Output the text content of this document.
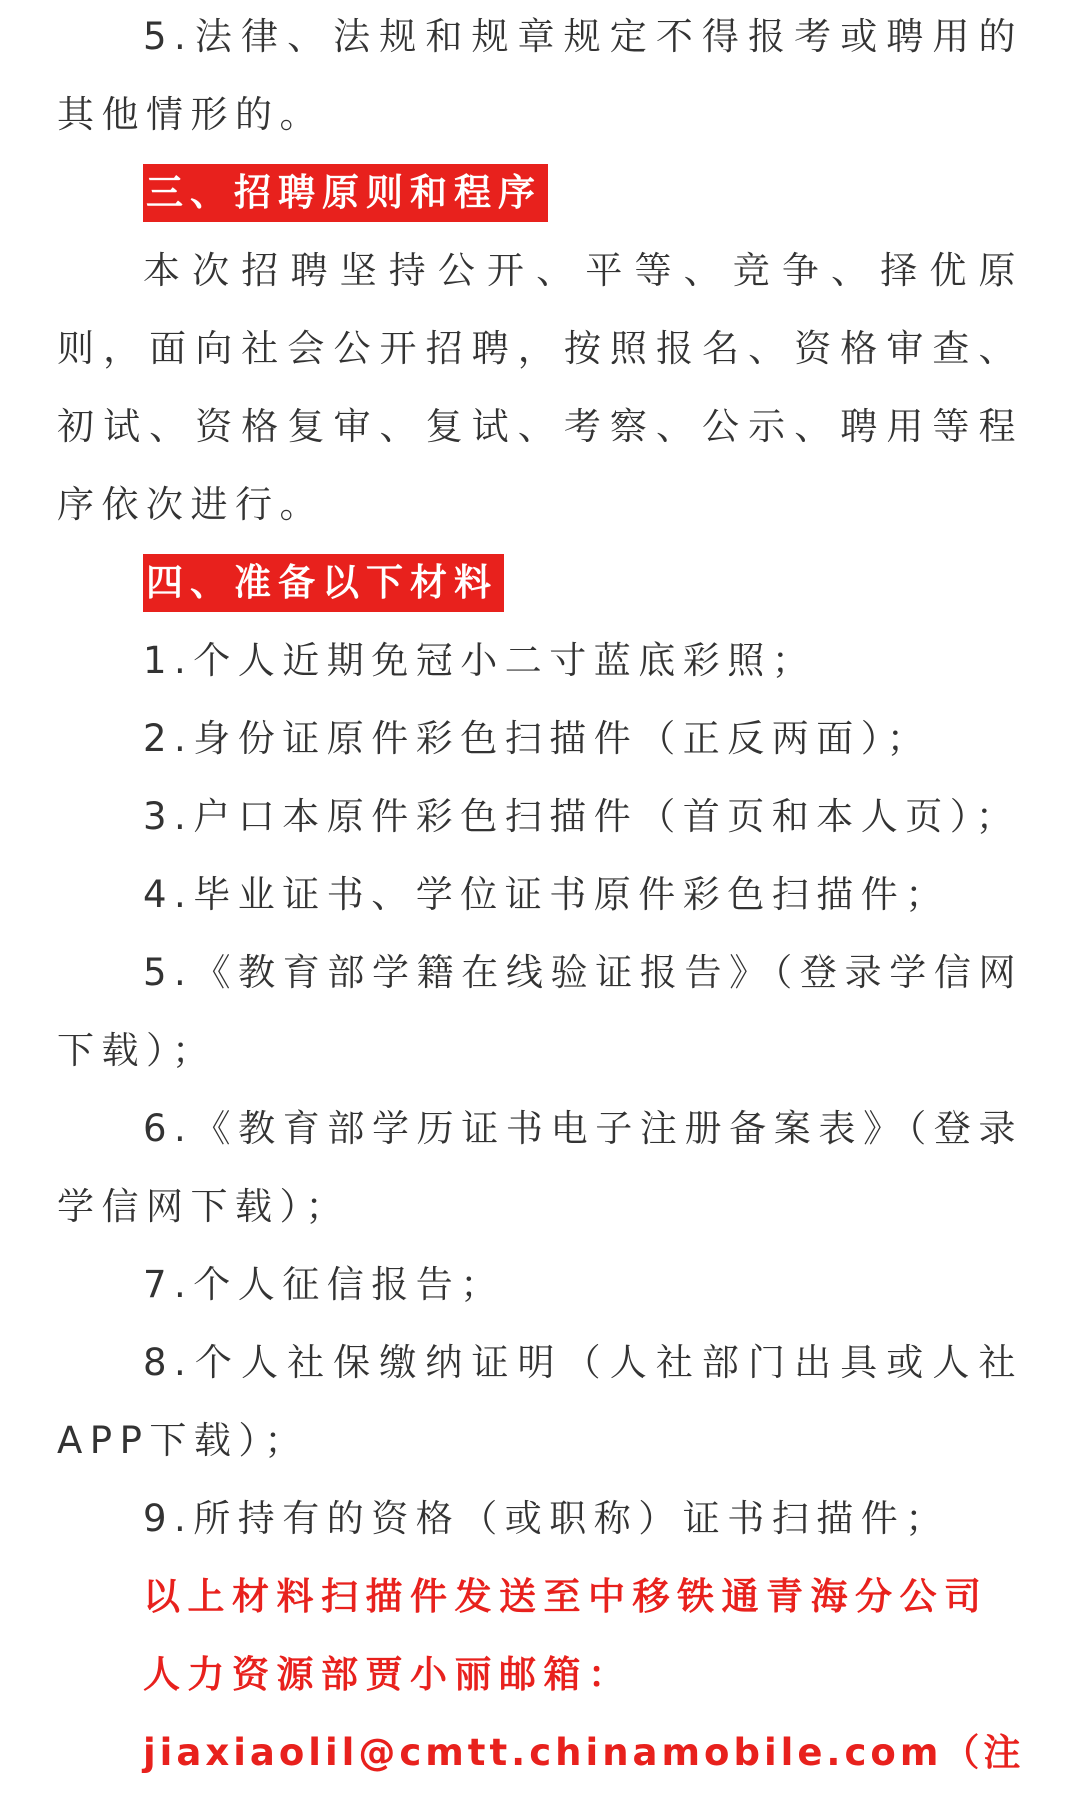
5.法律、法规和规章规定不得报考或聘用的其他情形的。

三、招聘原则和程序

本次招聘坚持公开、平等、竞争、择优原则，面向社会公开招聘，按照报名、资格审查、初试、资格复审、复试、考察、公示、聘用等程序依次进行。

四、准备以下材料

1.个人近期免冠小二寸蓝底彩照；

2.身份证原件彩色扫描件（正反两面）；

3.户口本原件彩色扫描件（首页和本人页）；

4.毕业证书、学位证书原件彩色扫描件；

5.《教育部学籍在线验证报告》（登录学信网下载）；

6.《教育部学历证书电子注册备案表》（登录学信网下载）；

7.个人征信报告；

8.个人社保缴纳证明（人社部门出具或人社APP下载）；

9.所持有的资格（或职称）证书扫描件；

以上材料扫描件发送至中移铁通青海分公司

人力资源部贾小丽邮箱：

jiaxiaolil@cmtt.chinamobile.com（ 注
